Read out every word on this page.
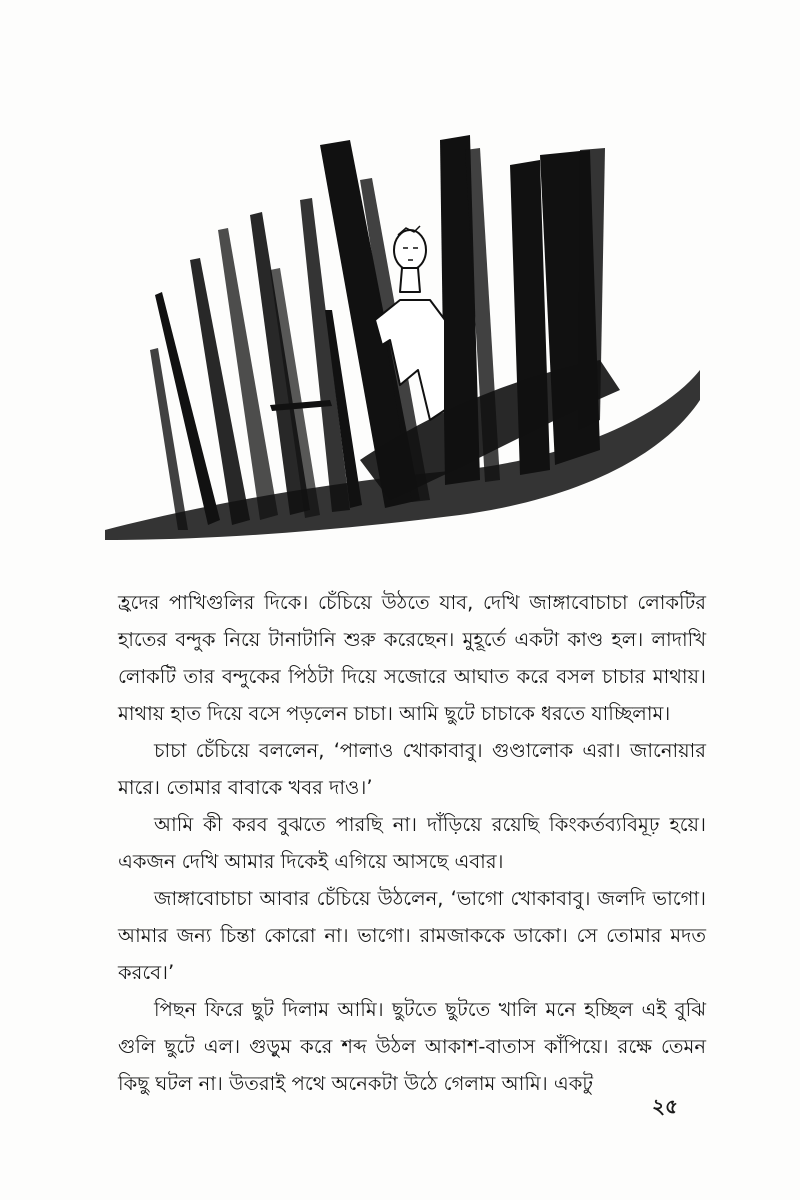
হ্রদের পাখিগুলির দিকে। চেঁচিয়ে উঠতে যাব, দেখি জাঙ্গাবোচাচা লোকটির হাতের বন্দুক নিয়ে টানাটানি শুরু করেছেন। মুহূর্তে একটা কাণ্ড হল। লাদাখি লোকটি তার বন্দুকের পিঠটা দিয়ে সজোরে আঘাত করে বসল চাচার মাথায়। মাথায় হাত দিয়ে বসে পড়লেন চাচা। আমি ছুটে চাচাকে ধরতে যাচ্ছিলাম।

চাচা চেঁচিয়ে বললেন, ‘পালাও খোকাবাবু। গুণ্ডালোক এরা। জানোয়ার মারে। তোমার বাবাকে খবর দাও।’

আমি কী করব বুঝতে পারছি না। দাঁড়িয়ে রয়েছি কিংকর্তব্যবিমূঢ় হয়ে। একজন দেখি আমার দিকেই এগিয়ে আসছে এবার।

জাঙ্গাবোচাচা আবার চেঁচিয়ে উঠলেন, ‘ভাগো খোকাবাবু। জলদি ভাগো। আমার জন্য চিন্তা কোরো না। ভাগো। রামজাককে ডাকো। সে তোমার মদত করবে।’

পিছন ফিরে ছুট দিলাম আমি। ছুটতে ছুটতে খালি মনে হচ্ছিল এই বুঝি গুলি ছুটে এল। গুড়ুম করে শব্দ উঠল আকাশ-বাতাস কাঁপিয়ে। রক্ষে তেমন কিছু ঘটল না। উতরাই পথে অনেকটা উঠে গেলাম আমি। একটু

২৫
